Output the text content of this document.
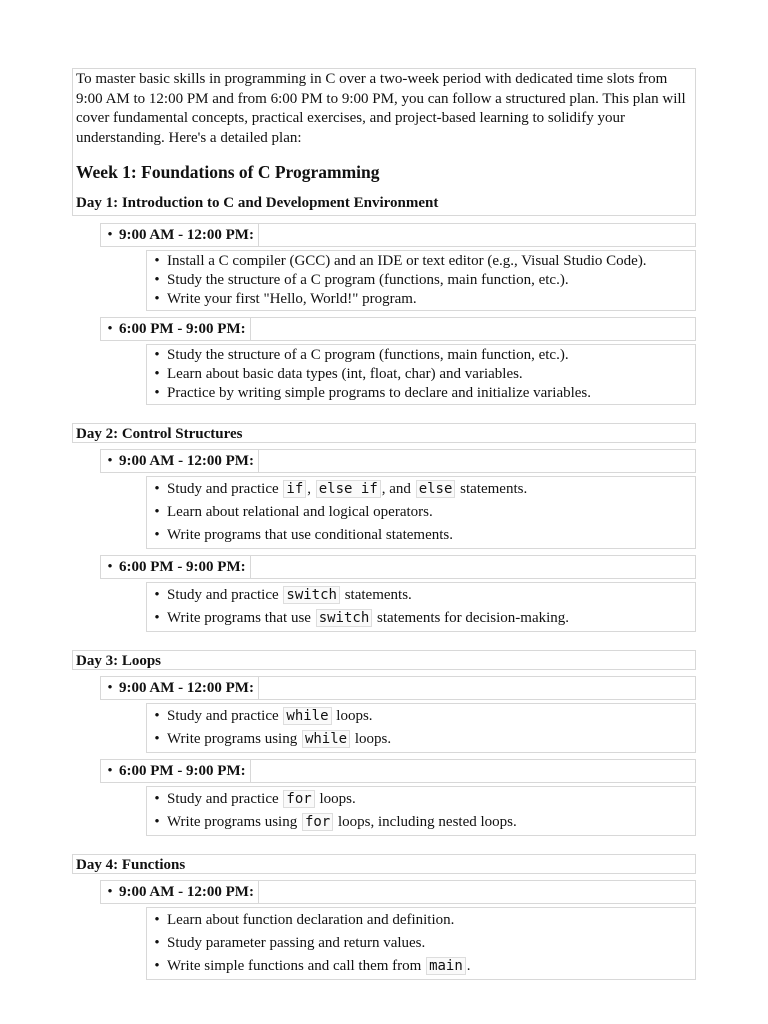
To master basic skills in programming in C over a two-week period with dedicated time slots from 9:00 AM to 12:00 PM and from 6:00 PM to 9:00 PM, you can follow a structured plan. This plan will cover fundamental concepts, practical exercises, and project-based learning to solidify your understanding. Here's a detailed plan:

Week 1: Foundations of C Programming
Day 1: Introduction to C and Development Environment
• 9:00 AM - 12:00 PM:
• Install a C compiler (GCC) and an IDE or text editor (e.g., Visual Studio Code).
• Study the structure of a C program (functions, main function, etc.).
• Write your first "Hello, World!" program.
• 6:00 PM - 9:00 PM:
• Study the structure of a C program (functions, main function, etc.).
• Learn about basic data types (int, float, char) and variables.
• Practice by writing simple programs to declare and initialize variables.
Day 2: Control Structures
• 9:00 AM - 12:00 PM:
• Study and practice if , else if , and else statements.
• Learn about relational and logical operators.
• Write programs that use conditional statements.
• 6:00 PM - 9:00 PM:
• Study and practice switch statements.
• Write programs that use switch statements for decision-making.
Day 3: Loops
• 9:00 AM - 12:00 PM:
• Study and practice while loops.
• Write programs using while loops.
• 6:00 PM - 9:00 PM:
• Study and practice for loops.
• Write programs using for loops, including nested loops.
Day 4: Functions
• 9:00 AM - 12:00 PM:
• Learn about function declaration and definition.
• Study parameter passing and return values.
• Write simple functions and call them from main .
